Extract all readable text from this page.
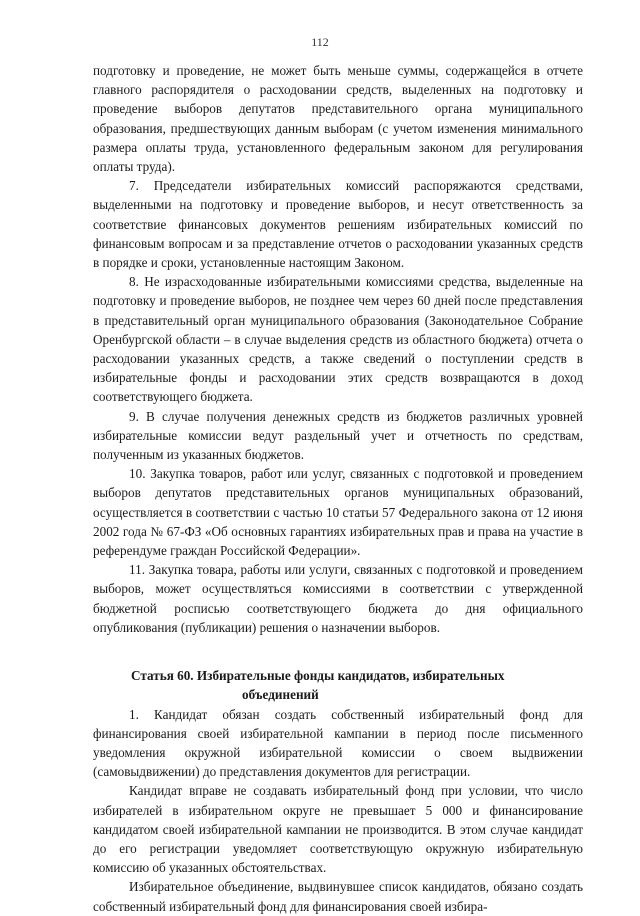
112

подготовку и проведение, не может быть меньше суммы, содержащейся в отчете главного распорядителя о расходовании средств, выделенных на подготовку и проведение выборов депутатов представительного органа муниципального образования, предшествующих данным выборам (с учетом изменения минимального размера оплаты труда, установленного федеральным законом для регулирования оплаты труда).

7. Председатели избирательных комиссий распоряжаются средствами, выделенными на подготовку и проведение выборов, и несут ответственность за соответствие финансовых документов решениям избирательных комиссий по финансовым вопросам и за представление отчетов о расходовании указанных средств в порядке и сроки, установленные настоящим Законом.

8. Не израсходованные избирательными комиссиями средства, выделенные на подготовку и проведение выборов, не позднее чем через 60 дней после представления в представительный орган муниципального образования (Законодательное Собрание Оренбургской области – в случае выделения средств из областного бюджета) отчета о расходовании указанных средств, а также сведений о поступлении средств в избирательные фонды и расходовании этих средств возвращаются в доход соответствующего бюджета.

9. В случае получения денежных средств из бюджетов различных уровней избирательные комиссии ведут раздельный учет и отчетность по средствам, полученным из указанных бюджетов.

10. Закупка товаров, работ или услуг, связанных с подготовкой и проведением выборов депутатов представительных органов муниципальных образований, осуществляется в соответствии с частью 10 статьи 57 Федерального закона от 12 июня 2002 года № 67-ФЗ «Об основных гарантиях избирательных прав и права на участие в референдуме граждан Российской Федерации».

11. Закупка товара, работы или услуги, связанных с подготовкой и проведением выборов, может осуществляться комиссиями в соответствии с утвержденной бюджетной росписью соответствующего бюджета до дня официального опубликования (публикации) решения о назначении выборов.

Статья 60. Избирательные фонды кандидатов, избирательных
объединений

1. Кандидат обязан создать собственный избирательный фонд для финансирования своей избирательной кампании в период после письменного уведомления окружной избирательной комиссии о своем выдвижении (самовыдвижении) до представления документов для регистрации.

Кандидат вправе не создавать избирательный фонд при условии, что число избирателей в избирательном округе не превышает 5 000 и финансирование кандидатом своей избирательной кампании не производится. В этом случае кандидат до его регистрации уведомляет соответствующую окружную избирательную комиссию об указанных обстоятельствах.

Избирательное объединение, выдвинувшее список кандидатов, обязано создать собственный избирательный фонд для финансирования своей избира-
